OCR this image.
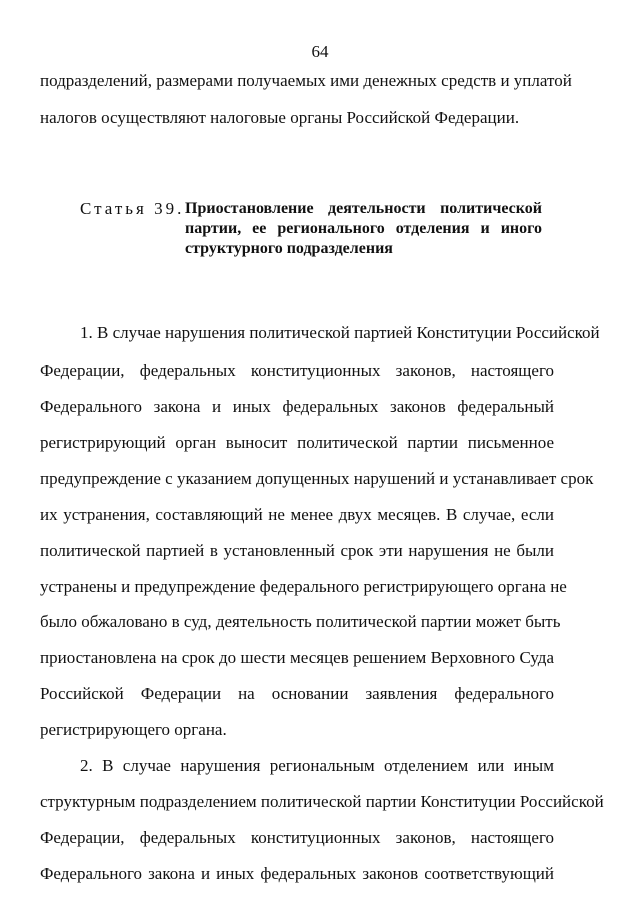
64
подразделений, размерами получаемых ими денежных средств и уплатой
налогов осуществляют налоговые органы Российской Федерации.
Статья 39. Приостановление деятельности политической
партии, ее регионального отделения и иного
структурного подразделения
1. В случае нарушения политической партией Конституции Российской
Федерации, федеральных конституционных законов, настоящего
Федерального закона и иных федеральных законов федеральный
регистрирующий орган выносит политической партии письменное
предупреждение с указанием допущенных нарушений и устанавливает срок
их устранения, составляющий не менее двух месяцев. В случае, если
политической партией в установленный срок эти нарушения не были
устранены и предупреждение федерального регистрирующего органа не
было обжаловано в суд, деятельность политической партии может быть
приостановлена на срок до шести месяцев решением Верховного Суда
Российской Федерации на основании заявления федерального
регистрирующего органа.
2. В случае нарушения региональным отделением или иным
структурным подразделением политической партии Конституции Российской
Федерации, федеральных конституционных законов, настоящего
Федерального закона и иных федеральных законов соответствующий
